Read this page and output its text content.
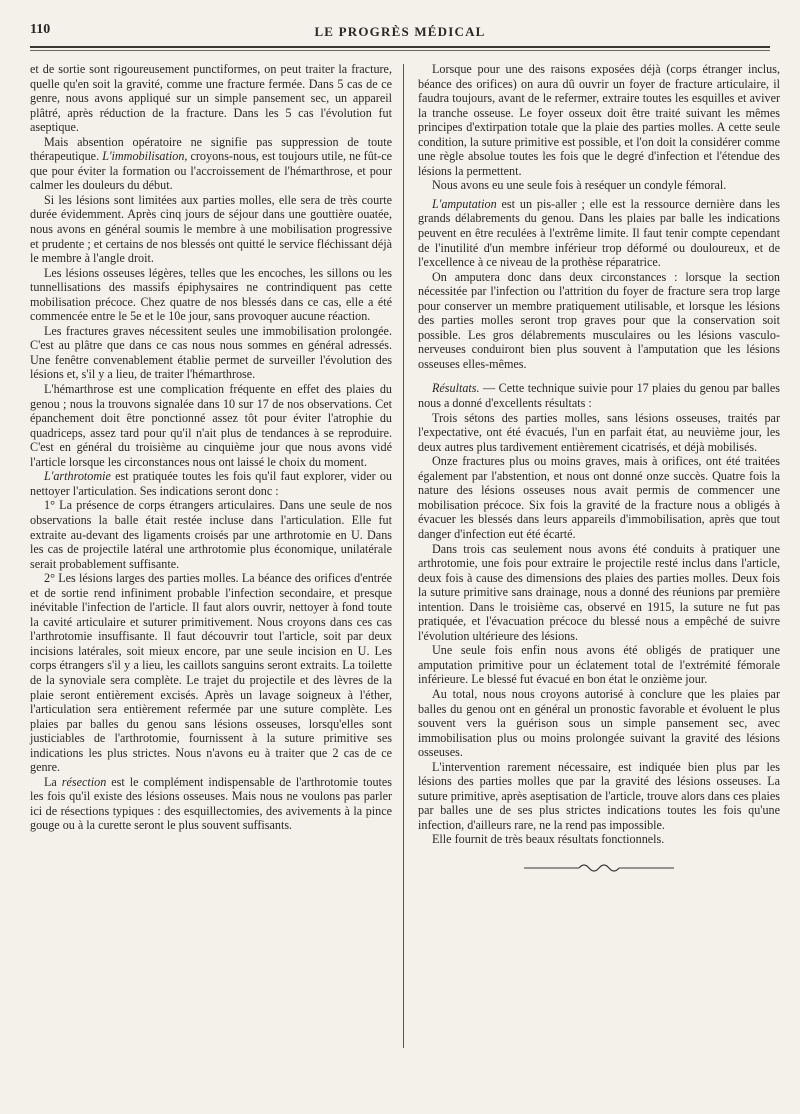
110	LE PROGRÈS MÉDICAL

et de sortie sont rigoureusement punctiformes, on peut traiter la fracture, quelle qu'en soit la gravité, comme une fracture fermée. Dans 5 cas de ce genre, nous avons appliqué sur un simple pansement sec, un appareil plâtré, après réduction de la fracture. Dans les 5 cas l'évolution fut aseptique.

Mais absention opératoire ne signifie pas suppression de toute thérapeutique. L'immobilisation, croyons-nous, est toujours utile, ne fût-ce que pour éviter la formation ou l'accroissement de l'hémarthrose, et pour calmer les douleurs du début.

Si les lésions sont limitées aux parties molles, elle sera de très courte durée évidemment. Après cinq jours de séjour dans une gouttière ouatée, nous avons en général soumis le membre à une mobilisation progressive et prudente ; et certains de nos blessés ont quitté le service fléchissant déjà le membre à l'angle droit.

Les lésions osseuses légères, telles que les encoches, les sillons ou les tunnellisations des massifs épiphysaires ne contrindiquent pas cette mobilisation précoce. Chez quatre de nos blessés dans ce cas, elle a été commencée entre le 5e et le 10e jour, sans provoquer aucune réaction.

Les fractures graves nécessitent seules une immobilisation prolongée. C'est au plâtre que dans ce cas nous nous sommes en général adressés. Une fenêtre convenablement établie permet de surveiller l'évolution des lésions et, s'il y a lieu, de traiter l'hémarthrose.

L'hémarthrose est une complication fréquente en effet des plaies du genou ; nous la trouvons signalée dans 10 sur 17 de nos observations. Cet épanchement doit être ponctionné assez tôt pour éviter l'atrophie du quadriceps, assez tard pour qu'il n'ait plus de tendances à se reproduire. C'est en général du troisième au cinquième jour que nous avons vidé l'article lorsque les circonstances nous ont laissé le choix du moment.

L'arthrotomie est pratiquée toutes les fois qu'il faut explorer, vider ou nettoyer l'articulation. Ses indications seront donc :

1° La présence de corps étrangers articulaires. Dans une seule de nos observations la balle était restée incluse dans l'articulation. Elle fut extraite au-devant des ligaments croisés par une arthrotomie en U. Dans les cas de projectile latéral une arthrotomie plus économique, unilatérale serait probablement suffisante.

2° Les lésions larges des parties molles. La béance des orifices d'entrée et de sortie rend infiniment probable l'infection secondaire, et presque inévitable l'infection de l'article. Il faut alors ouvrir, nettoyer à fond toute la cavité articulaire et suturer primitivement. Nous croyons dans ces cas l'arthrotomie insuffisante. Il faut découvrir tout l'article, soit par deux incisions latérales, soit mieux encore, par une seule incision en U. Les corps étrangers s'il y a lieu, les caillots sanguins seront extraits. La toilette de la synoviale sera complète. Le trajet du projectile et des lèvres de la plaie seront entièrement excisés. Après un lavage soigneux à l'éther, l'articulation sera entièrement refermée par une suture complète. Les plaies par balles du genou sans lésions osseuses, lorsqu'elles sont justiciables de l'arthrotomie, fournissent à la suture primitive ses indications les plus strictes. Nous n'avons eu à traiter que 2 cas de ce genre.

La résection est le complément indispensable de l'arthrotomie toutes les fois qu'il existe des lésions osseuses. Mais nous ne voulons pas parler ici de résections typiques : des esquillectomies, des avivements à la pince gouge ou à la curette seront le plus souvent suffisants.

Lorsque pour une des raisons exposées déjà (corps étranger inclus, béance des orifices) on aura dû ouvrir un foyer de fracture articulaire, il faudra toujours, avant de le refermer, extraire toutes les esquilles et aviver la tranche osseuse. Le foyer osseux doit être traité suivant les mêmes principes d'extirpation totale que la plaie des parties molles. A cette seule condition, la suture primitive est possible, et l'on doit la considérer comme une règle absolue toutes les fois que le degré d'infection et l'étendue des lésions la permettent.

Nous avons eu une seule fois à reséquer un condyle fémoral.

L'amputation est un pis-aller ; elle est la ressource dernière dans les grands délabrements du genou. Dans les plaies par balle les indications peuvent en être reculées à l'extrême limite. Il faut tenir compte cependant de l'inutilité d'un membre inférieur trop déformé ou douloureux, et de l'excellence à ce niveau de la prothèse réparatrice.

On amputera donc dans deux circonstances : lorsque la section nécessitée par l'infection ou l'attrition du foyer de fracture sera trop large pour conserver un membre pratiquement utilisable, et lorsque les lésions des parties molles seront trop graves pour que la conservation soit possible. Les gros délabrements musculaires ou les lésions vasculo-nerveuses conduiront bien plus souvent à l'amputation que les lésions osseuses elles-mêmes.

Résultats. — Cette technique suivie pour 17 plaies du genou par balles nous a donné d'excellents résultats :

Trois sétons des parties molles, sans lésions osseuses, traités par l'expectative, ont été évacués, l'un en parfait état, au neuvième jour, les deux autres plus tardivement entièrement cicatrisés, et déjà mobilisés.

Onze fractures plus ou moins graves, mais à orifices, ont été traitées également par l'abstention, et nous ont donné onze succès. Quatre fois la nature des lésions osseuses nous avait permis de commencer une mobilisation précoce. Six fois la gravité de la fracture nous a obligés à évacuer les blessés dans leurs appareils d'immobilisation, après que tout danger d'infection eut été écarté.

Dans trois cas seulement nous avons été conduits à pratiquer une arthrotomie, une fois pour extraire le projectile resté inclus dans l'article, deux fois à cause des dimensions des plaies des parties molles. Deux fois la suture primitive sans drainage, nous a donné des réunions par première intention. Dans le troisième cas, observé en 1915, la suture ne fut pas pratiquée, et l'évacuation précoce du blessé nous a empêché de suivre l'évolution ultérieure des lésions.

Une seule fois enfin nous avons été obligés de pratiquer une amputation primitive pour un éclatement total de l'extrémité fémorale inférieure. Le blessé fut évacué en bon état le onzième jour.

Au total, nous nous croyons autorisé à conclure que les plaies par balles du genou ont en général un pronostic favorable et évoluent le plus souvent vers la guérison sous un simple pansement sec, avec immobilisation plus ou moins prolongée suivant la gravité des lésions osseuses.

L'intervention rarement nécessaire, est indiquée bien plus par les lésions des parties molles que par la gravité des lésions osseuses. La suture primitive, après aseptisation de l'article, trouve alors dans ces plaies par balles une de ses plus strictes indications toutes les fois qu'une infection, d'ailleurs rare, ne la rend pas impossible.

Elle fournit de très beaux résultats fonctionnels.
